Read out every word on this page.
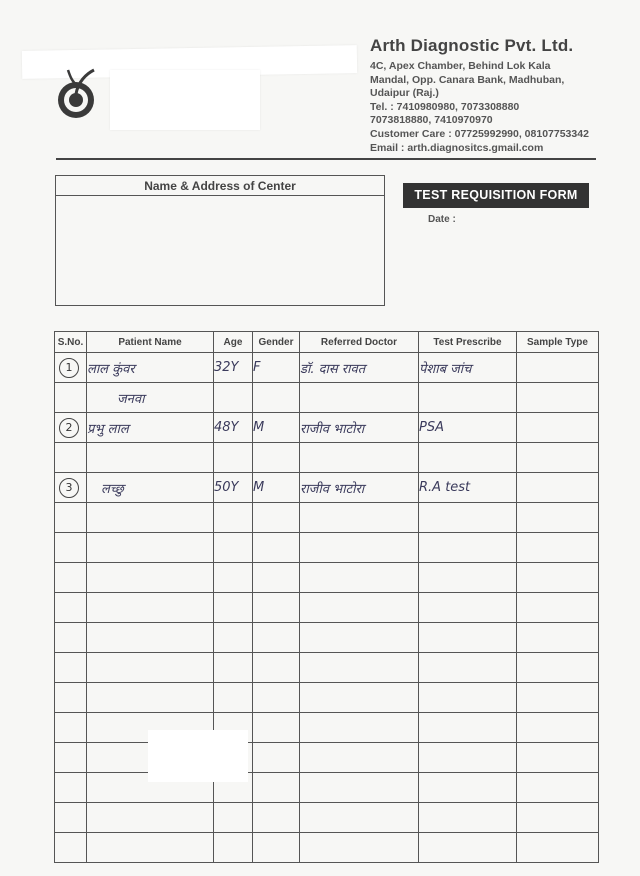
Arth Diagnostic Pvt. Ltd.
4C, Apex Chamber, Behind Lok Kala
Mandal, Opp. Canara Bank, Madhuban,
Udaipur (Raj.)
Tel. : 7410980980, 7073308880
7073818880, 7410970970
Customer Care : 07725992990, 08107753342
Email : arth.diagnositcs.gmail.com
Name & Address of Center
TEST REQUISITION FORM
Date :
S.No.	Patient Name	Age	Gender	Referred Doctor	Test Prescribe	Sample Type
1	लाल कुंवर	32Y	F	डॉ. दास रावत	पेशाब जांच	
	जनवा					
2	प्रभु लाल	48Y	M	राजीव भाटोरा	PSA	

3	लच्छु	50Y	M	राजीव भाटोरा	R.A test	
